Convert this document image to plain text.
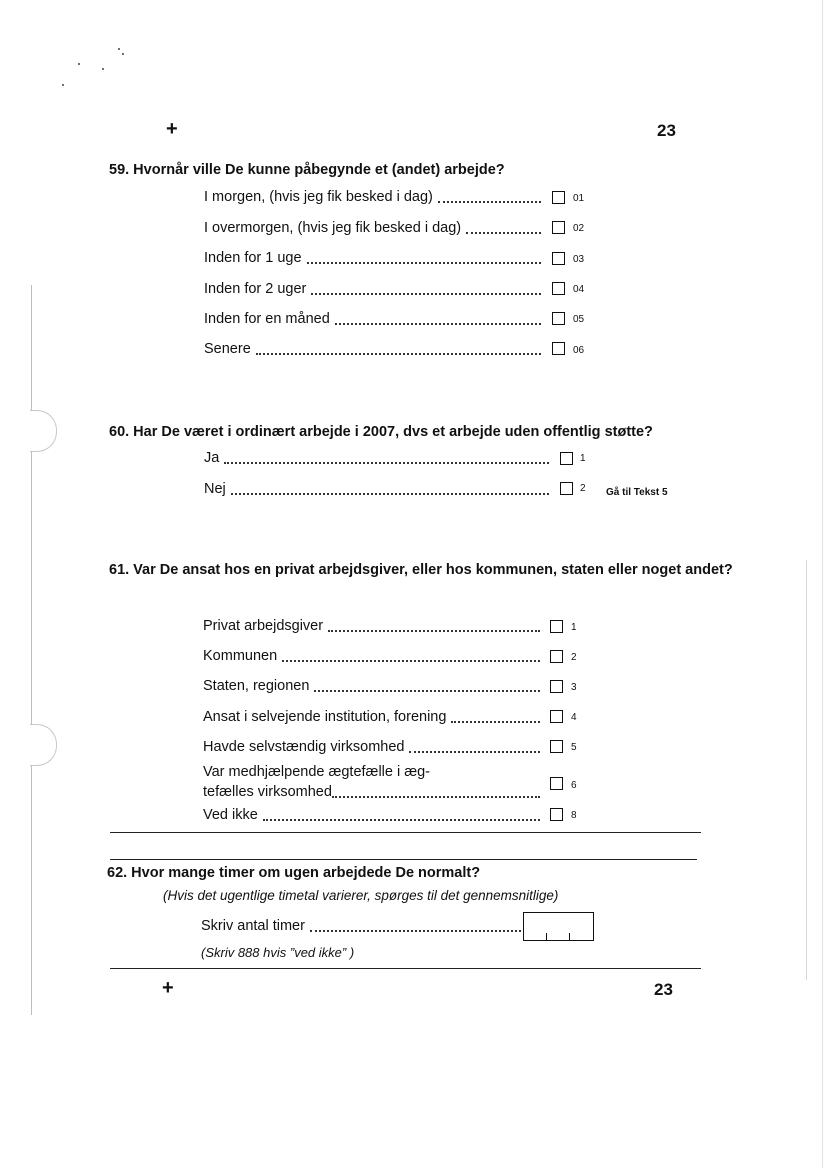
+	23
59. Hvornår ville De kunne påbegynde et (andet) arbejde?
I morgen, (hvis jeg fik besked i dag)	01
I overmorgen, (hvis jeg fik besked i dag)	02
Inden for 1 uge	03
Inden for 2 uger	04
Inden for en måned	05
Senere	06
60. Har De været i ordinært arbejde i 2007, dvs et arbejde uden offentlig støtte?
Ja	1
Nej	2 Gå til Tekst 5
61. Var De ansat hos en privat arbejdsgiver, eller hos kommunen, staten eller noget andet?
Privat arbejdsgiver	1
Kommunen	2
Staten, regionen	3
Ansat i selvejende institution, forening	4
Havde selvstændig virksomhed	5
Var medhjælpende ægtefælle i æg-
tefælles virksomhed	6
Ved ikke	8
62. Hvor mange timer om ugen arbejdede De normalt?
(Hvis det ugentlige timetal varierer, spørges til det gennemsnitlige)
Skriv antal timer
(Skriv 888 hvis ”ved ikke” )
+	23
